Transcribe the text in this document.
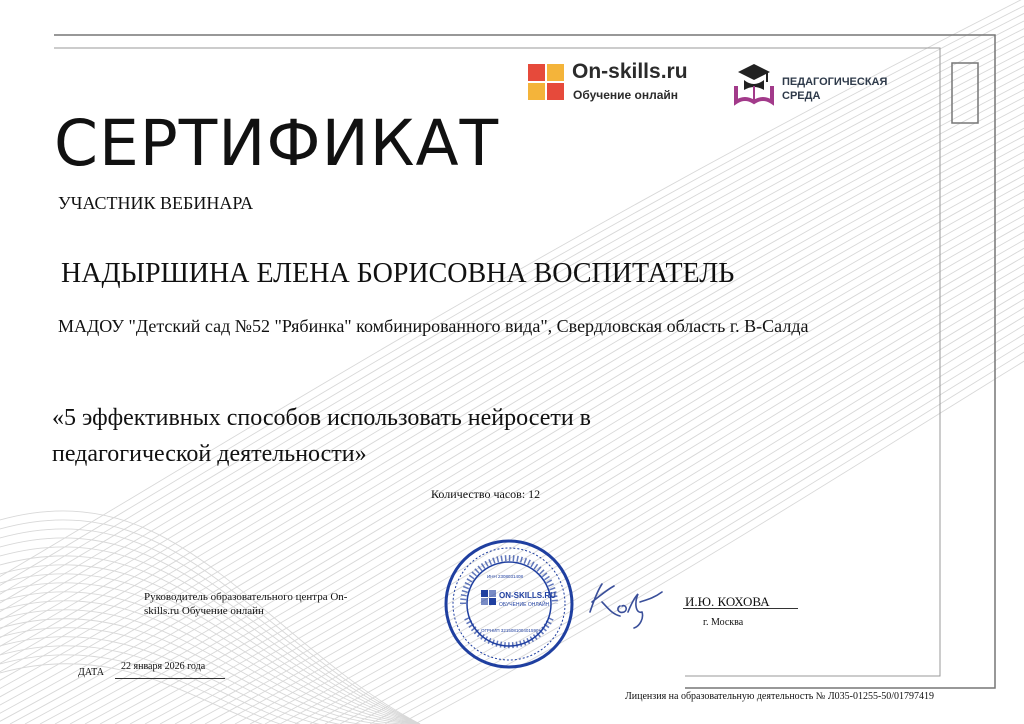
On-skills.ru
Обучение онлайн
ПЕДАГОГИЧЕСКАЯ
СРЕДА
СЕРТИФИКАТ
УЧАСТНИК ВЕБИНАРА
НАДЫРШИНА ЕЛЕНА БОРИСОВНА ВОСПИТАТЕЛЬ
МАДОУ "Детский сад №52 "Рябинка" комбинированного вида", Свердловская область г. В-Салда
«5 эффективных способов использовать нейросети в педагогической деятельности»
Количество часов: 12
Руководитель образовательного центра On-skills.ru Обучение онлайн
ON-SKILLS.RU
ОБУЧЕНИЕ ОНЛАЙН
ИНН 2308031408
ОГРНИП 321508100401590
И.Ю. КОХОВА
г. Москва
ДАТА
22 января 2026 года
Лицензия на образовательную деятельность № Л035-01255-50/01797419
